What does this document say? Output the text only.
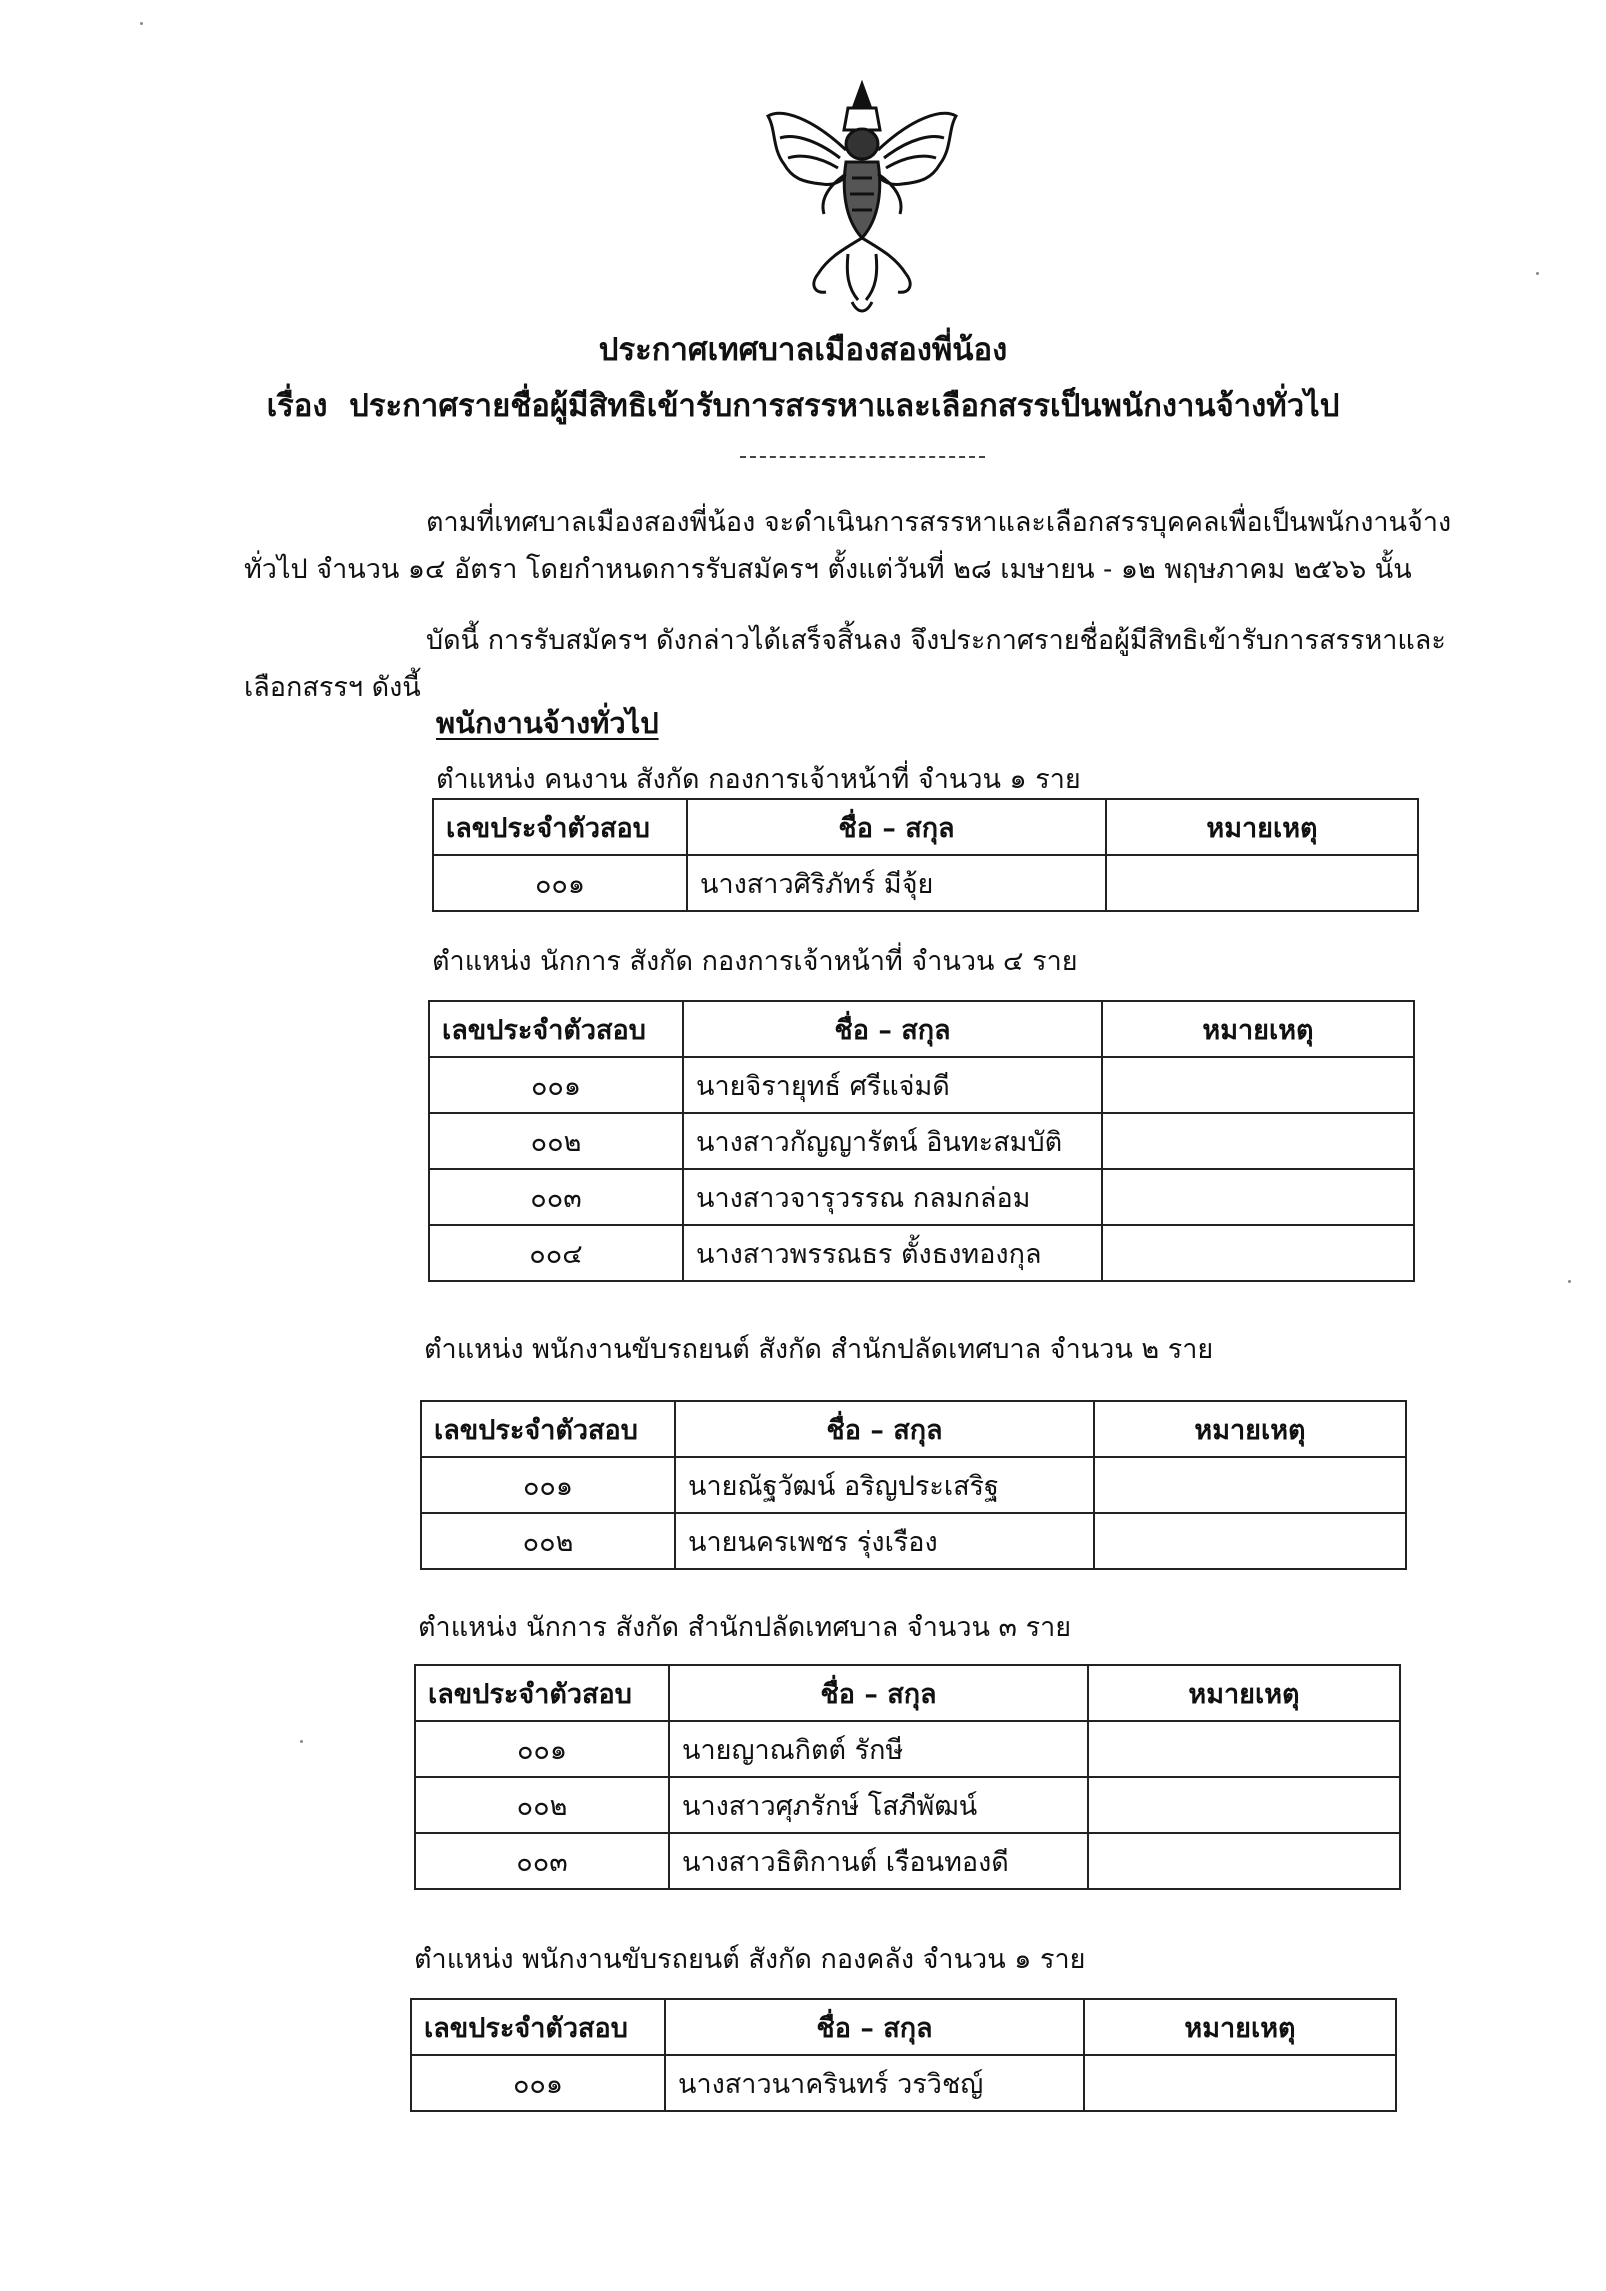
ประกาศเทศบาลเมืองสองพี่น้อง
เรื่อง ประกาศรายชื่อผู้มีสิทธิเข้ารับการสรรหาและเลือกสรรเป็นพนักงานจ้างทั่วไป
ตามที่เทศบาลเมืองสองพี่น้อง จะดำเนินการสรรหาและเลือกสรรบุคคลเพื่อเป็นพนักงานจ้าง
ทั่วไป จำนวน ๑๔ อัตรา โดยกำหนดการรับสมัครฯ ตั้งแต่วันที่ ๒๘ เมษายน - ๑๒ พฤษภาคม ๒๕๖๖ นั้น
บัดนี้ การรับสมัครฯ ดังกล่าวได้เสร็จสิ้นลง จึงประกาศรายชื่อผู้มีสิทธิเข้ารับการสรรหาและ
เลือกสรรฯ ดังนี้
พนักงานจ้างทั่วไป
ตำแหน่ง คนงาน สังกัด กองการเจ้าหน้าที่ จำนวน ๑ ราย
เลขประจำตัวสอบ	ชื่อ – สกุล	หมายเหตุ
๐๐๑	นางสาวศิริภัทร์ มีจุ้ย	
ตำแหน่ง นักการ สังกัด กองการเจ้าหน้าที่ จำนวน ๔ ราย
เลขประจำตัวสอบ	ชื่อ – สกุล	หมายเหตุ
๐๐๑	นายจิรายุทธ์ ศรีแจ่มดี	
๐๐๒	นางสาวกัญญารัตน์ อินทะสมบัติ	
๐๐๓	นางสาวจารุวรรณ กลมกล่อม	
๐๐๔	นางสาวพรรณธร ตั้งธงทองกุล	
ตำแหน่ง พนักงานขับรถยนต์ สังกัด สำนักปลัดเทศบาล จำนวน ๒ ราย
เลขประจำตัวสอบ	ชื่อ – สกุล	หมายเหตุ
๐๐๑	นายณัฐวัฒน์ อริญประเสริฐ	
๐๐๒	นายนครเพชร รุ่งเรือง	
ตำแหน่ง นักการ สังกัด สำนักปลัดเทศบาล จำนวน ๓ ราย
เลขประจำตัวสอบ	ชื่อ – สกุล	หมายเหตุ
๐๐๑	นายญาณกิตต์ รักษี	
๐๐๒	นางสาวศุภรักษ์ โสภีพัฒน์	
๐๐๓	นางสาวธิติกานต์ เรือนทองดี	
ตำแหน่ง พนักงานขับรถยนต์ สังกัด กองคลัง จำนวน ๑ ราย
เลขประจำตัวสอบ	ชื่อ – สกุล	หมายเหตุ
๐๐๑	นางสาวนาครินทร์ วรวิชญ์	
